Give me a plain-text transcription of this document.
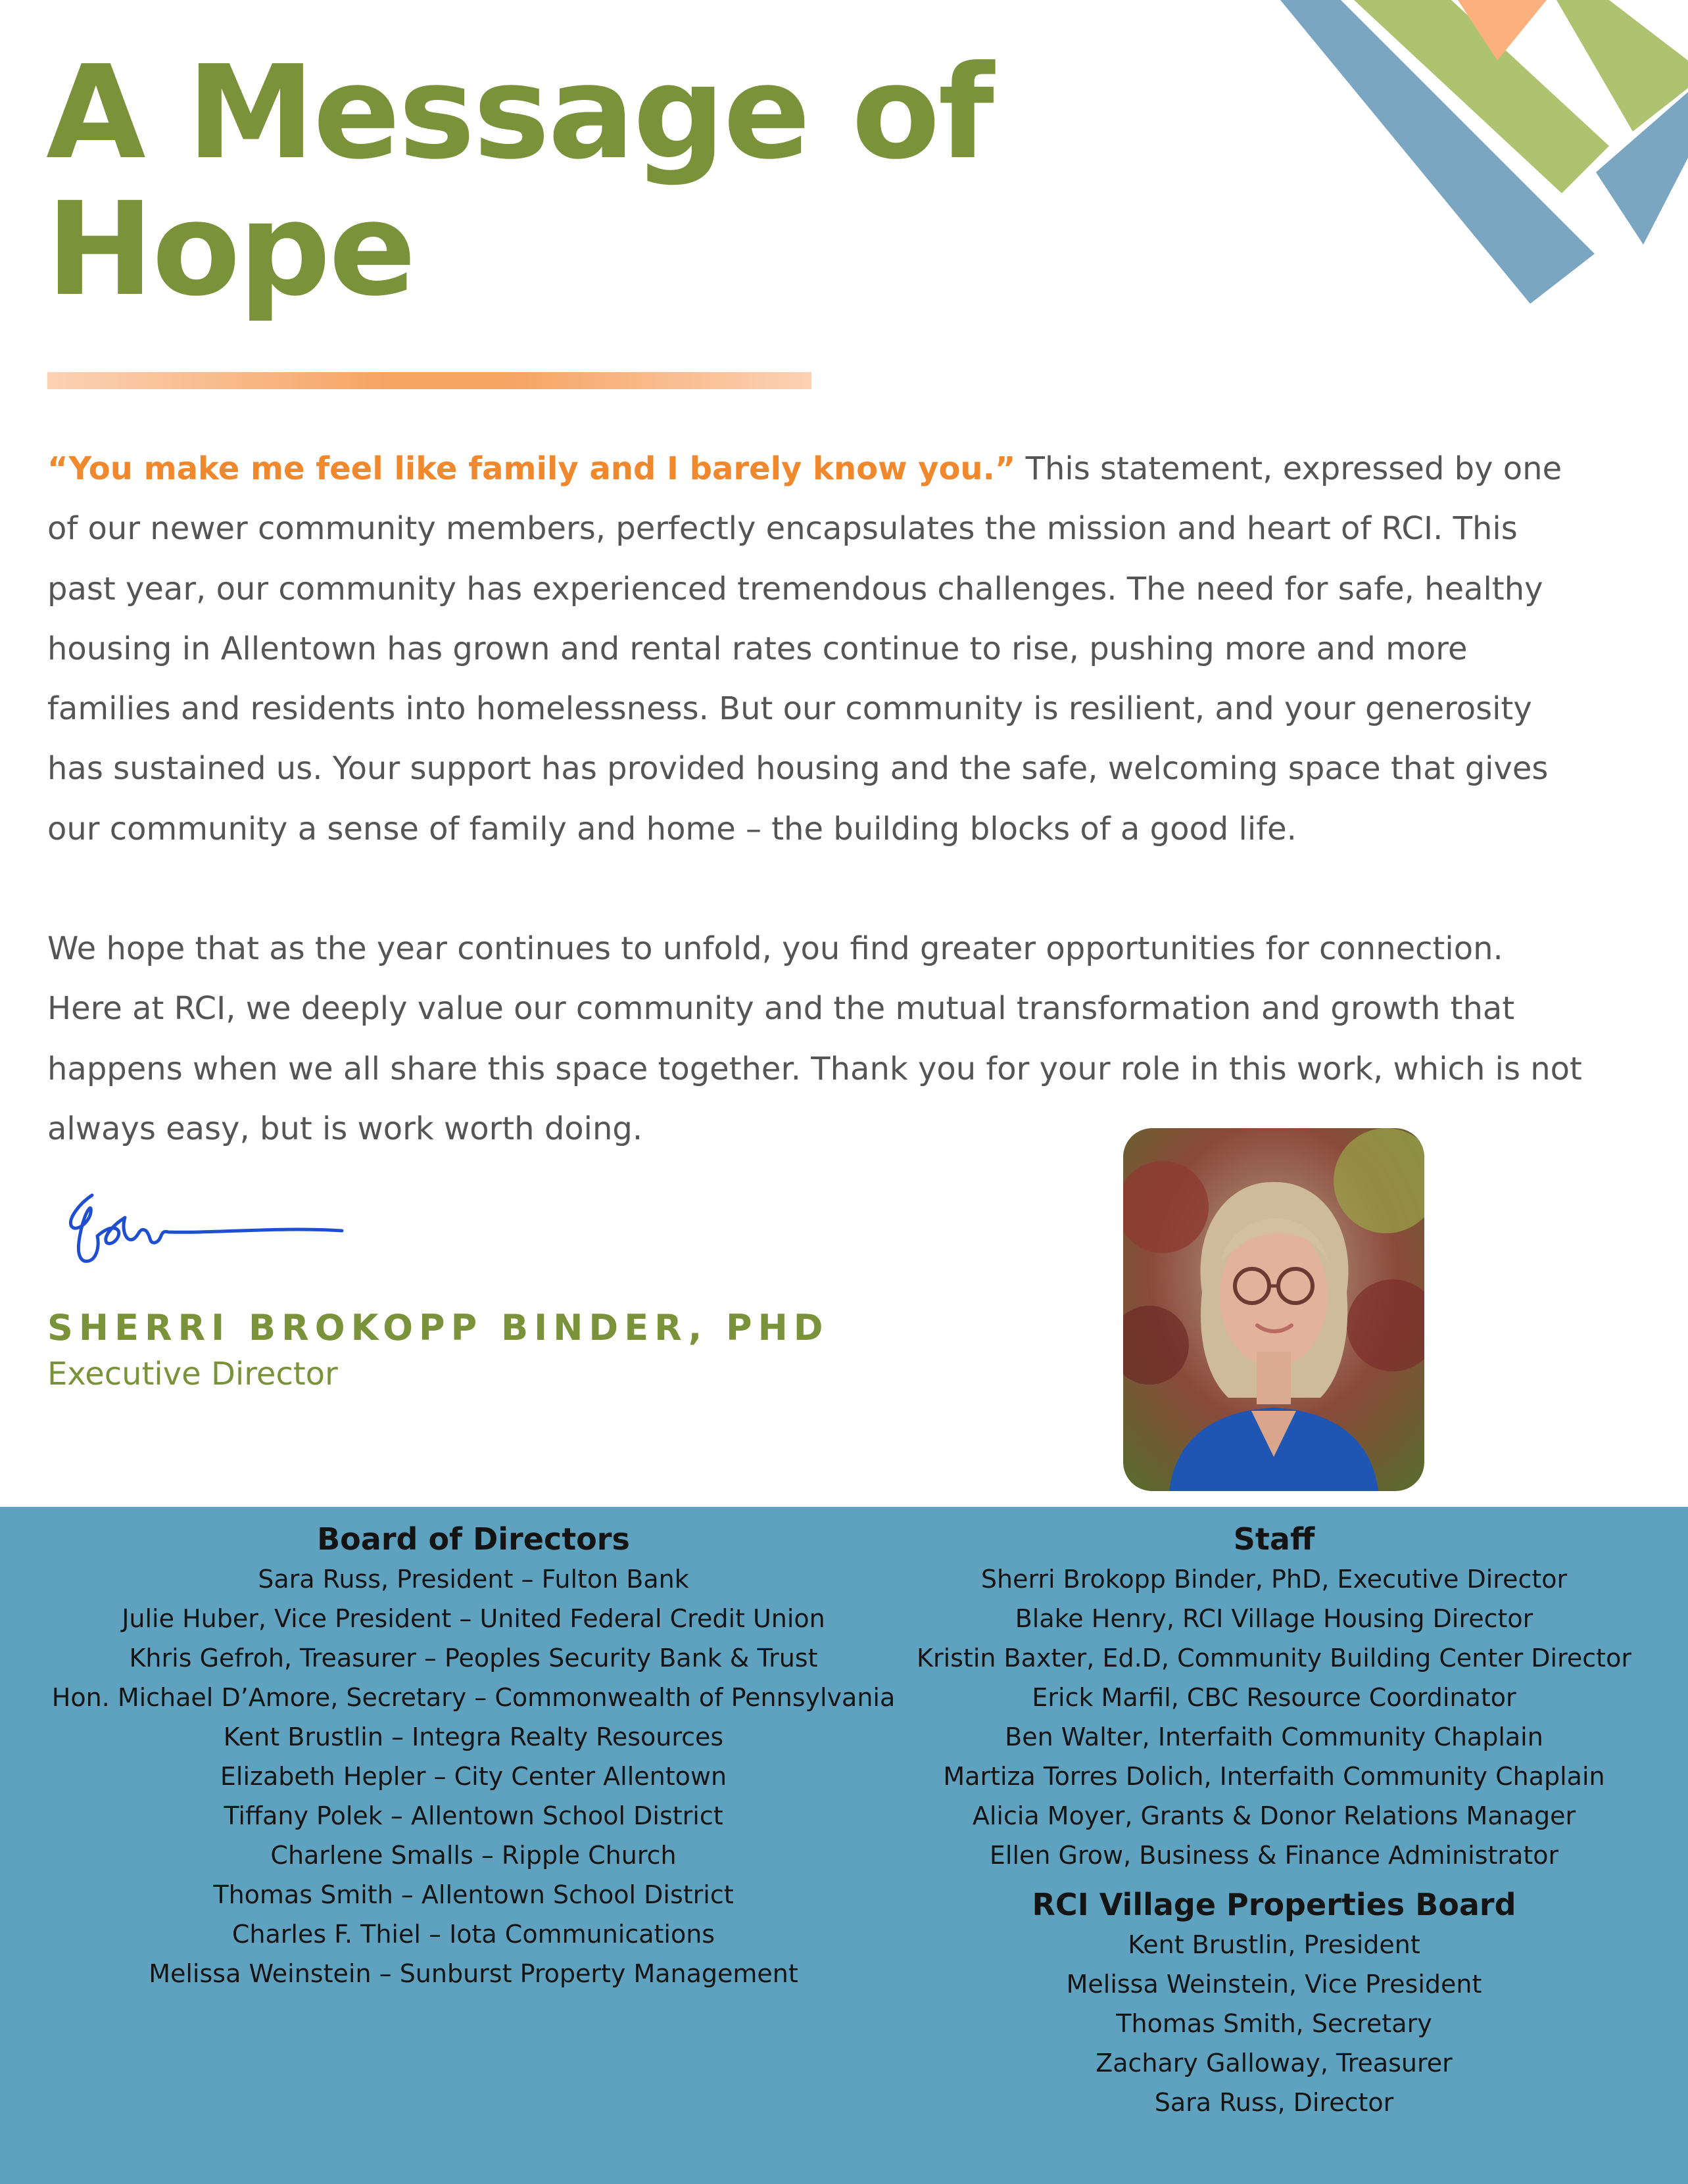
A Message of
Hope

“You make me feel like family and I barely know you.” This statement, expressed by one of our newer community members, perfectly encapsulates the mission and heart of RCI. This past year, our community has experienced tremendous challenges. The need for safe, healthy housing in Allentown has grown and rental rates continue to rise, pushing more and more families and residents into homelessness. But our community is resilient, and your generosity has sustained us. Your support has provided housing and the safe, welcoming space that gives our community a sense of family and home – the building blocks of a good life.

We hope that as the year continues to unfold, you find greater opportunities for connection. Here at RCI, we deeply value our community and the mutual transformation and growth that happens when we all share this space together. Thank you for your role in this work, which is not always easy, but is work worth doing.

SHERRI BROKOPP BINDER, PHD
Executive Director
Board of Directors
Sara Russ, President – Fulton Bank
Julie Huber, Vice President – United Federal Credit Union
Khris Gefroh, Treasurer – Peoples Security Bank & Trust
Hon. Michael D’Amore, Secretary – Commonwealth of Pennsylvania
Kent Brustlin – Integra Realty Resources
Elizabeth Hepler – City Center Allentown
Tiffany Polek – Allentown School District
Charlene Smalls – Ripple Church
Thomas Smith – Allentown School District
Charles F. Thiel – Iota Communications
Melissa Weinstein – Sunburst Property Management
Staff
Sherri Brokopp Binder, PhD, Executive Director
Blake Henry, RCI Village Housing Director
Kristin Baxter, Ed.D, Community Building Center Director
Erick Marfil, CBC Resource Coordinator
Ben Walter, Interfaith Community Chaplain
Martiza Torres Dolich, Interfaith Community Chaplain
Alicia Moyer, Grants & Donor Relations Manager
Ellen Grow, Business & Finance Administrator
RCI Village Properties Board
Kent Brustlin, President
Melissa Weinstein, Vice President
Thomas Smith, Secretary
Zachary Galloway, Treasurer
Sara Russ, Director
